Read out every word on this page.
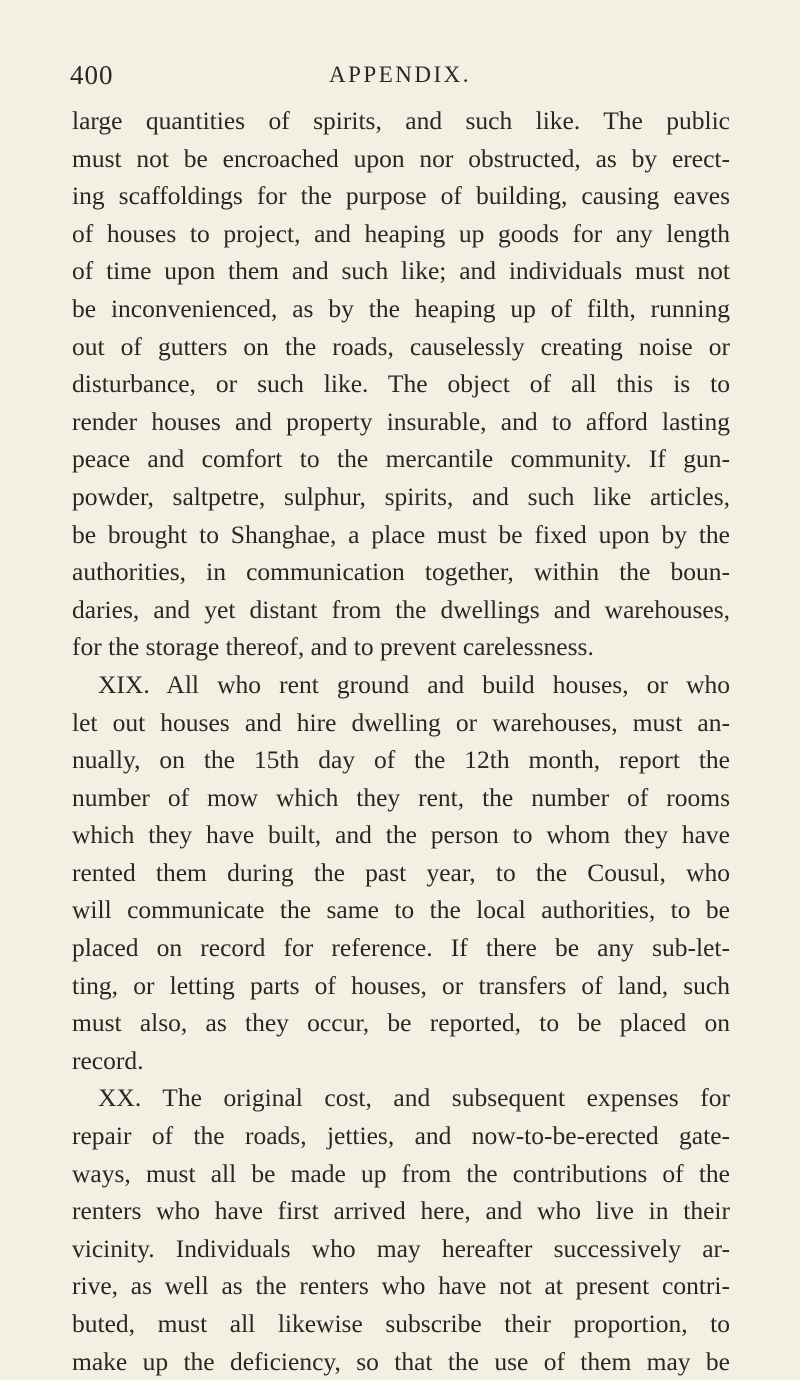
400	APPENDIX.
large quantities of spirits, and such like. The public
must not be encroached upon nor obstructed, as by erect-
ing scaffoldings for the purpose of building, causing eaves
of houses to project, and heaping up goods for any length
of time upon them and such like; and individuals must not
be inconvenienced, as by the heaping up of filth, running
out of gutters on the roads, causelessly creating noise or
disturbance, or such like. The object of all this is to
render houses and property insurable, and to afford lasting
peace and comfort to the mercantile community. If gun-
powder, saltpetre, sulphur, spirits, and such like articles,
be brought to Shanghae, a place must be fixed upon by the
authorities, in communication together, within the boun-
daries, and yet distant from the dwellings and warehouses,
for the storage thereof, and to prevent carelessness.
XIX. All who rent ground and build houses, or who
let out houses and hire dwelling or warehouses, must an-
nually, on the 15th day of the 12th month, report the
number of mow which they rent, the number of rooms
which they have built, and the person to whom they have
rented them during the past year, to the Cousul, who
will communicate the same to the local authorities, to be
placed on record for reference. If there be any sub-let-
ting, or letting parts of houses, or transfers of land, such
must also, as they occur, be reported, to be placed on
record.
XX. The original cost, and subsequent expenses for
repair of the roads, jetties, and now-to-be-erected gate-
ways, must all be made up from the contributions of the
renters who have first arrived here, and who live in their
vicinity. Individuals who may hereafter successively ar-
rive, as well as the renters who have not at present contri-
buted, must all likewise subscribe their proportion, to
make up the deficiency, so that the use of them may be
